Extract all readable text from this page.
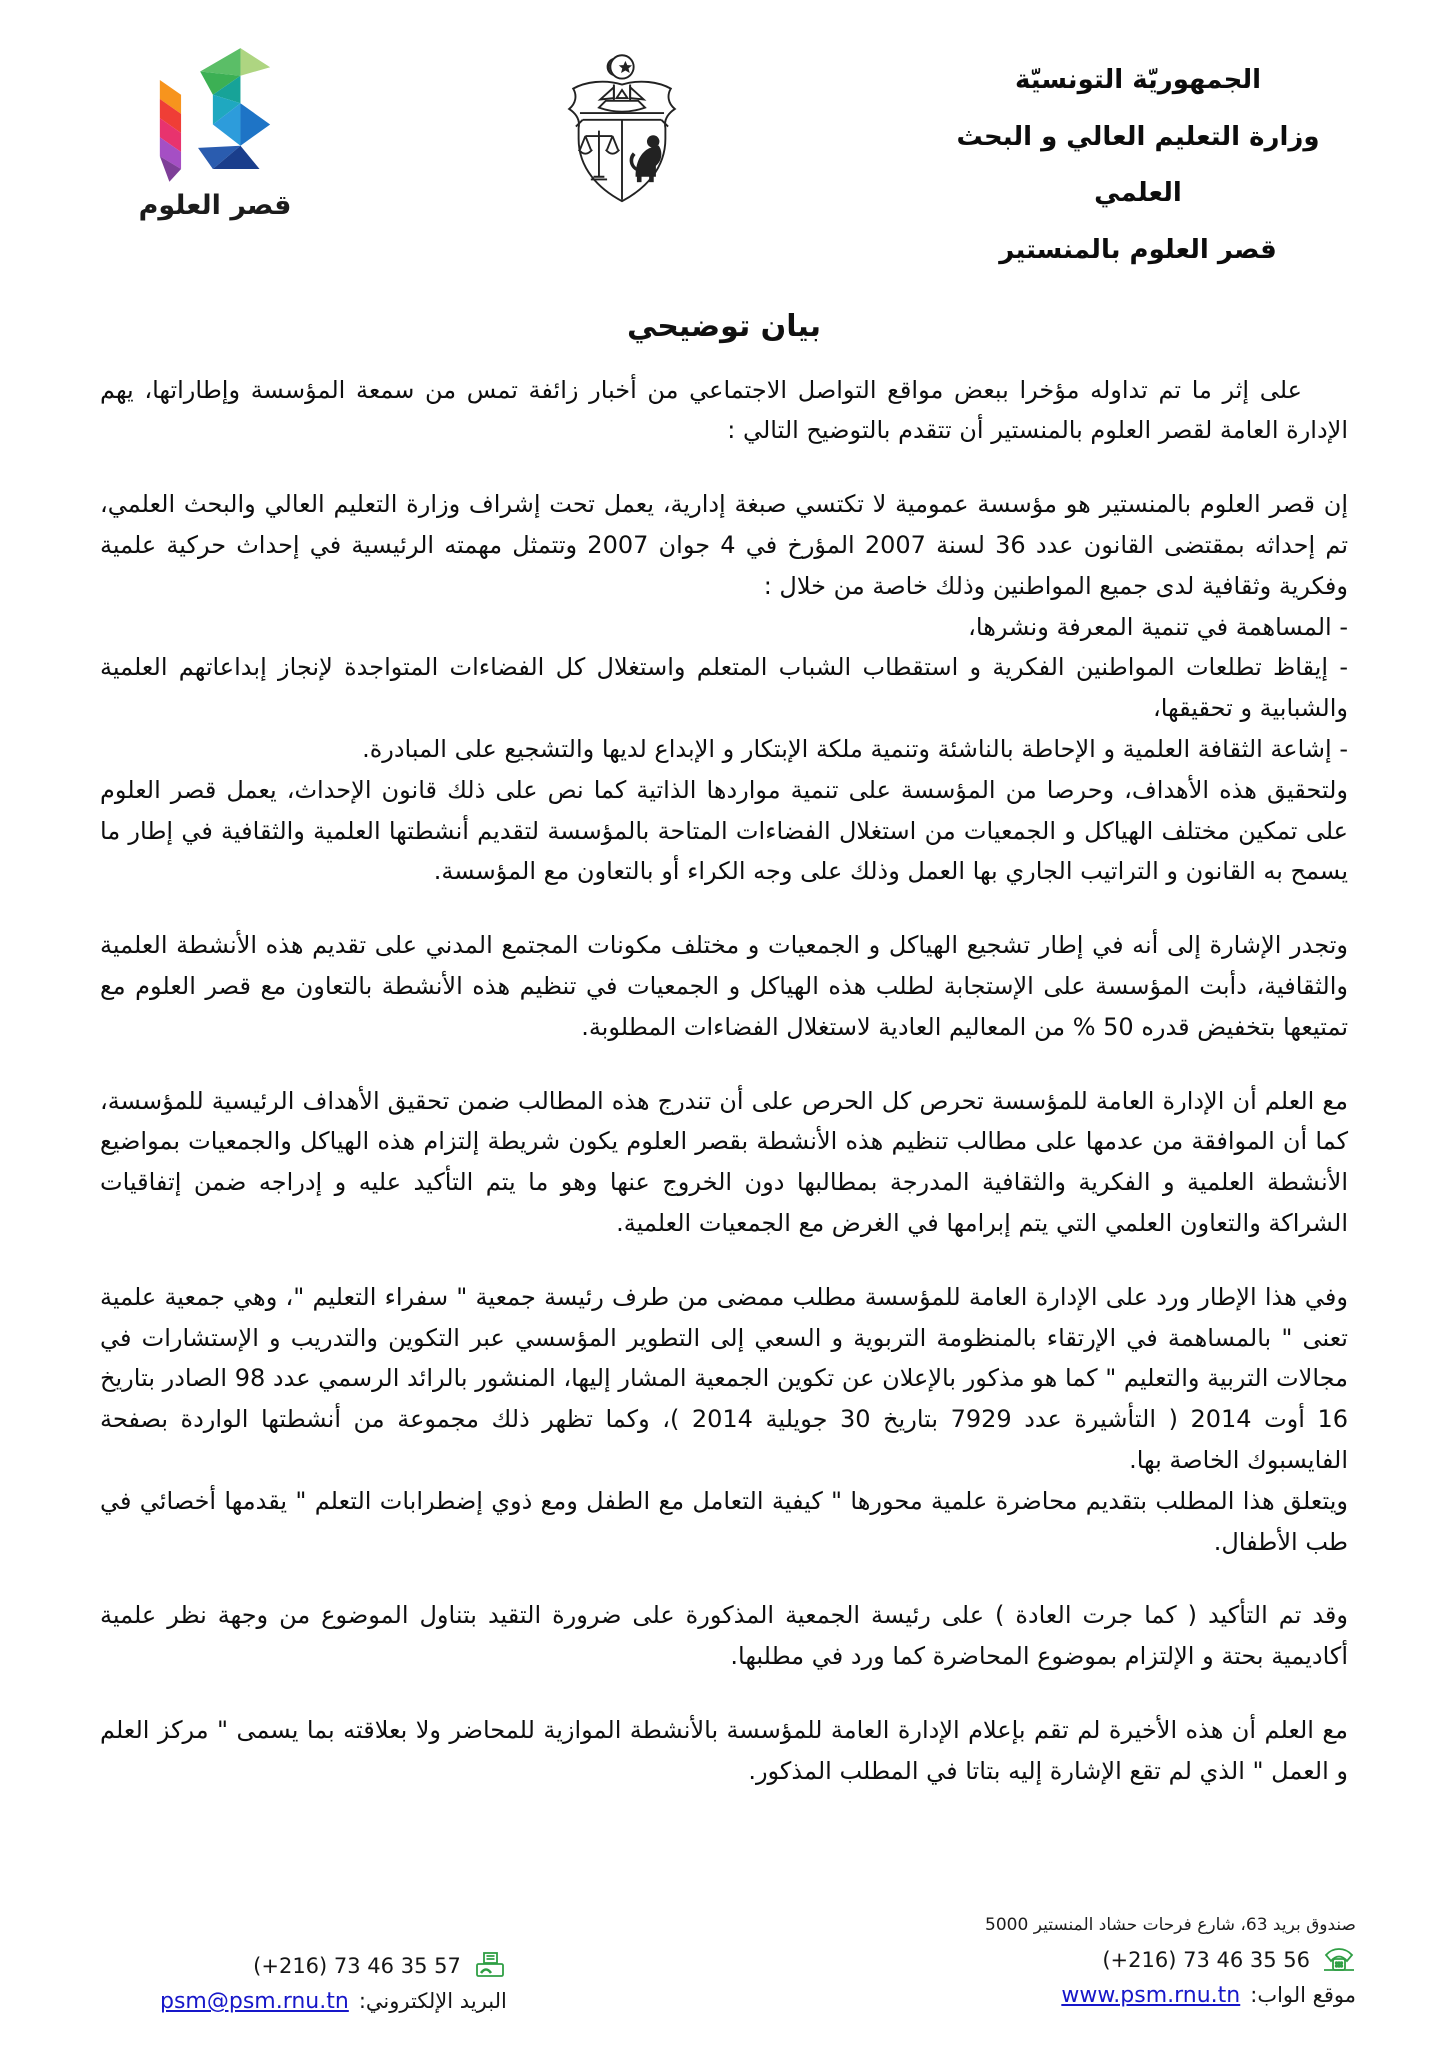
قصر العلوم
الجمهوريّة التونسيّة
وزارة التعليم العالي و البحث العلمي
قصر العلوم بالمنستير
بيان توضيحي

على إثر ما تم تداوله مؤخرا ببعض مواقع التواصل الاجتماعي من أخبار زائفة تمس من سمعة المؤسسة وإطاراتها، يهم الإدارة العامة لقصر العلوم بالمنستير أن تتقدم بالتوضيح التالي :

إن قصر العلوم بالمنستير هو مؤسسة عمومية لا تكتسي صبغة إدارية، يعمل تحت إشراف وزارة التعليم العالي والبحث العلمي، تم إحداثه بمقتضى القانون عدد 36 لسنة 2007 المؤرخ في 4 جوان 2007 وتتمثل مهمته الرئيسية في إحداث حركية علمية وفكرية وثقافية لدى جميع المواطنين وذلك خاصة من خلال :

- المساهمة في تنمية المعرفة ونشرها،

- إيقاظ تطلعات المواطنين الفكرية و استقطاب الشباب المتعلم واستغلال كل الفضاءات المتواجدة لإنجاز إبداعاتهم العلمية والشبابية و تحقيقها،

- إشاعة الثقافة العلمية و الإحاطة بالناشئة وتنمية ملكة الإبتكار و الإبداع لديها والتشجيع على المبادرة.

ولتحقيق هذه الأهداف، وحرصا من المؤسسة على تنمية مواردها الذاتية كما نص على ذلك قانون الإحداث، يعمل قصر العلوم على تمكين مختلف الهياكل و الجمعيات من استغلال الفضاءات المتاحة بالمؤسسة لتقديم أنشطتها العلمية والثقافية في إطار ما يسمح به القانون و التراتيب الجاري بها العمل وذلك على وجه الكراء أو بالتعاون مع المؤسسة.

وتجدر الإشارة إلى أنه في إطار تشجيع الهياكل و الجمعيات و مختلف مكونات المجتمع المدني على تقديم هذه الأنشطة العلمية والثقافية، دأبت المؤسسة على الإستجابة لطلب هذه الهياكل و الجمعيات في تنظيم هذه الأنشطة بالتعاون مع قصر العلوم مع تمتيعها بتخفيض قدره 50 % من المعاليم العادية لاستغلال الفضاءات المطلوبة.

مع العلم أن الإدارة العامة للمؤسسة تحرص كل الحرص على أن تندرج هذه المطالب ضمن تحقيق الأهداف الرئيسية للمؤسسة، كما أن الموافقة من عدمها على مطالب تنظيم هذه الأنشطة بقصر العلوم يكون شريطة إلتزام هذه الهياكل والجمعيات بمواضيع الأنشطة العلمية و الفكرية والثقافية المدرجة بمطالبها دون الخروج عنها وهو ما يتم التأكيد عليه و إدراجه ضمن إتفاقيات الشراكة والتعاون العلمي التي يتم إبرامها في الغرض مع الجمعيات العلمية.

وفي هذا الإطار ورد على الإدارة العامة للمؤسسة مطلب ممضى من طرف رئيسة جمعية " سفراء التعليم "، وهي جمعية علمية تعنى " بالمساهمة في الإرتقاء بالمنظومة التربوية و السعي إلى التطوير المؤسسي عبر التكوين والتدريب و الإستشارات في مجالات التربية والتعليم " كما هو مذكور بالإعلان عن تكوين الجمعية المشار إليها، المنشور بالرائد الرسمي عدد 98 الصادر بتاريخ 16 أوت 2014 ( التأشيرة عدد 7929 بتاريخ 30 جويلية 2014 )، وكما تظهر ذلك مجموعة من أنشطتها الواردة بصفحة الفايسبوك الخاصة بها.

ويتعلق هذا المطلب بتقديم محاضرة علمية محورها " كيفية التعامل مع الطفل ومع ذوي إضطرابات التعلم " يقدمها أخصائي في طب الأطفال.

وقد تم التأكيد ( كما جرت العادة ) على رئيسة الجمعية المذكورة على ضرورة التقيد بتناول الموضوع من وجهة نظر علمية أكاديمية بحتة و الإلتزام بموضوع المحاضرة كما ورد في مطلبها.

مع العلم أن هذه الأخيرة لم تقم بإعلام الإدارة العامة للمؤسسة بالأنشطة الموازية للمحاضر ولا بعلاقته بما يسمى " مركز العلم و العمل " الذي لم تقع الإشارة إليه بتاتا في المطلب المذكور.

صندوق بريد 63، شارع فرحات حشاد المنستير 5000
(+216) 73 46 35 56
موقع الواب:
www.psm.rnu.tn
(+216) 73 46 35 57
البريد الإلكتروني:
psm@psm.rnu.tn
